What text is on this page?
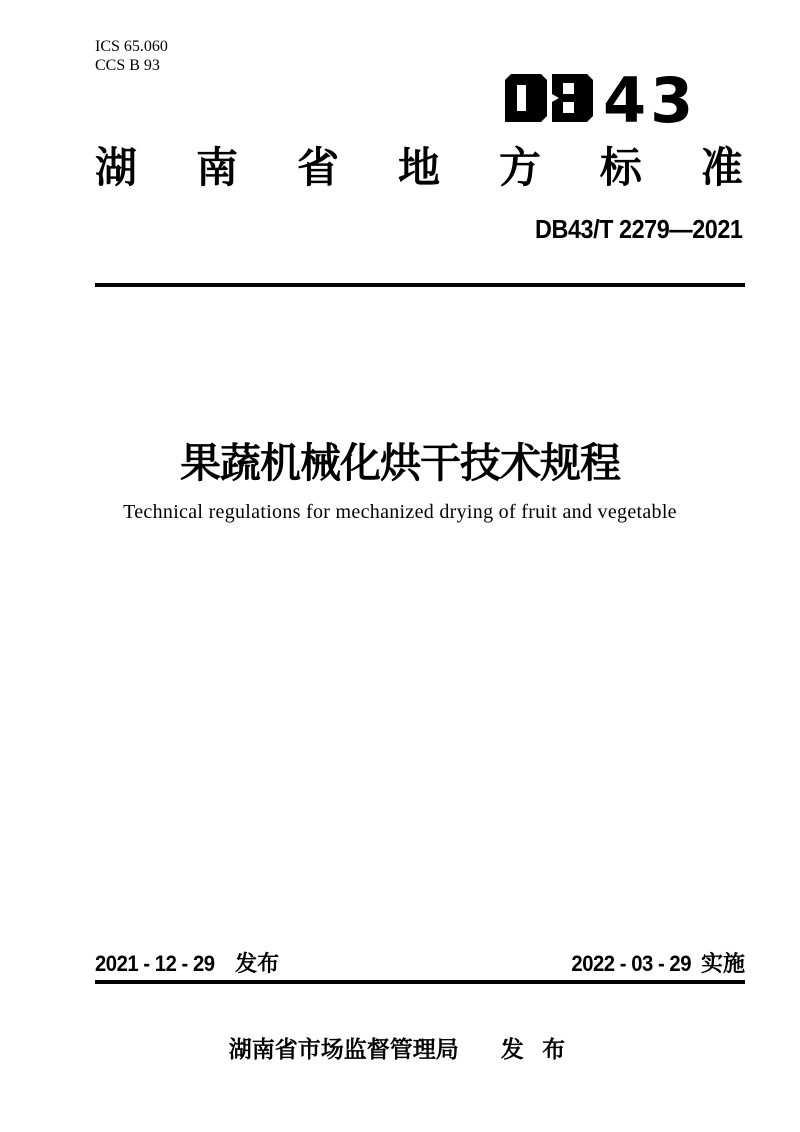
ICS 65.060
CCS B 93	43
湖 南 省 地 方 标 准
DB43/T 2279—2021
果蔬机械化烘干技术规程
Technical regulations for mechanized drying of fruit and vegetable
2021 - 12 - 29 发布	2022 - 03 - 29 实施
湖南省市场监督管理局 发 布
